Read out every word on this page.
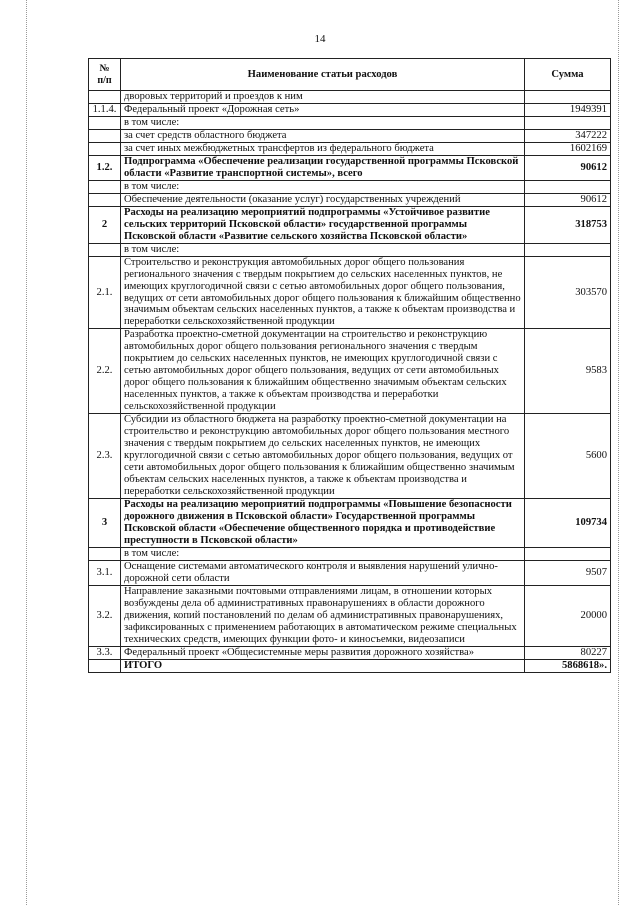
14
№
п/п	Наименование статьи расходов	Сумма
	дворовых территорий и проездов к ним	
1.1.4.	Федеральный проект «Дорожная сеть»	1949391
	в том числе:	
	за счет средств областного бюджета	347222
	за счет иных межбюджетных трансфертов из федерального бюджета	1602169
1.2.	Подпрограмма «Обеспечение реализации государственной программы Псковской области «Развитие транспортной системы», всего	90612
	в том числе:	
	Обеспечение деятельности (оказание услуг) государственных учреждений	90612
2	Расходы на реализацию мероприятий подпрограммы «Устойчивое развитие сельских территорий Псковской области» государственной программы Псковской области «Развитие сельского хозяйства Псковской области»	318753
	в том числе:	
2.1.	Строительство и реконструкция автомобильных дорог общего пользования регионального значения с твердым покрытием до сельских населенных пунктов, не имеющих круглогодичной связи с сетью автомобильных дорог общего пользования, ведущих от сети автомобильных дорог общего пользования к ближайшим общественно значимым объектам сельских населенных пунктов, а также к объектам производства и переработки сельскохозяйственной продукции	303570
2.2.	Разработка проектно-сметной документации на строительство и реконструкцию автомобильных дорог общего пользования регионального значения с твердым покрытием до сельских населенных пунктов, не имеющих круглогодичной связи с сетью автомобильных дорог общего пользования, ведущих от сети автомобильных дорог общего пользования к ближайшим общественно значимым объектам сельских населенных пунктов, а также к объектам производства и переработки сельскохозяйственной продукции	9583
2.3.	Субсидии из областного бюджета на разработку проектно-сметной документации на строительство и реконструкцию автомобильных дорог общего пользования местного значения с твердым покрытием до сельских населенных пунктов, не имеющих круглогодичной связи с сетью автомобильных дорог общего пользования, ведущих от сети автомобильных дорог общего пользования к ближайшим общественно значимым объектам сельских населенных пунктов, а также к объектам производства и переработки сельскохозяйственной продукции	5600
3	Расходы на реализацию мероприятий подпрограммы «Повышение безопасности дорожного движения в Псковской области» Государственной программы Псковской области «Обеспечение общественного порядка и противодействие преступности в Псковской области»	109734
	в том числе:	
3.1.	Оснащение системами автоматического контроля и выявления нарушений улично-дорожной сети области	9507
3.2.	Направление заказными почтовыми отправлениями лицам, в отношении которых возбуждены дела об административных правонарушениях в области дорожного движения, копий постановлений по делам об административных правонарушениях, зафиксированных с применением работающих в автоматическом режиме специальных технических средств, имеющих функции фото- и киносъемки, видеозаписи	20000
3.3.	Федеральный проект «Общесистемные меры развития дорожного хозяйства»	80227
	ИТОГО	5868618».
